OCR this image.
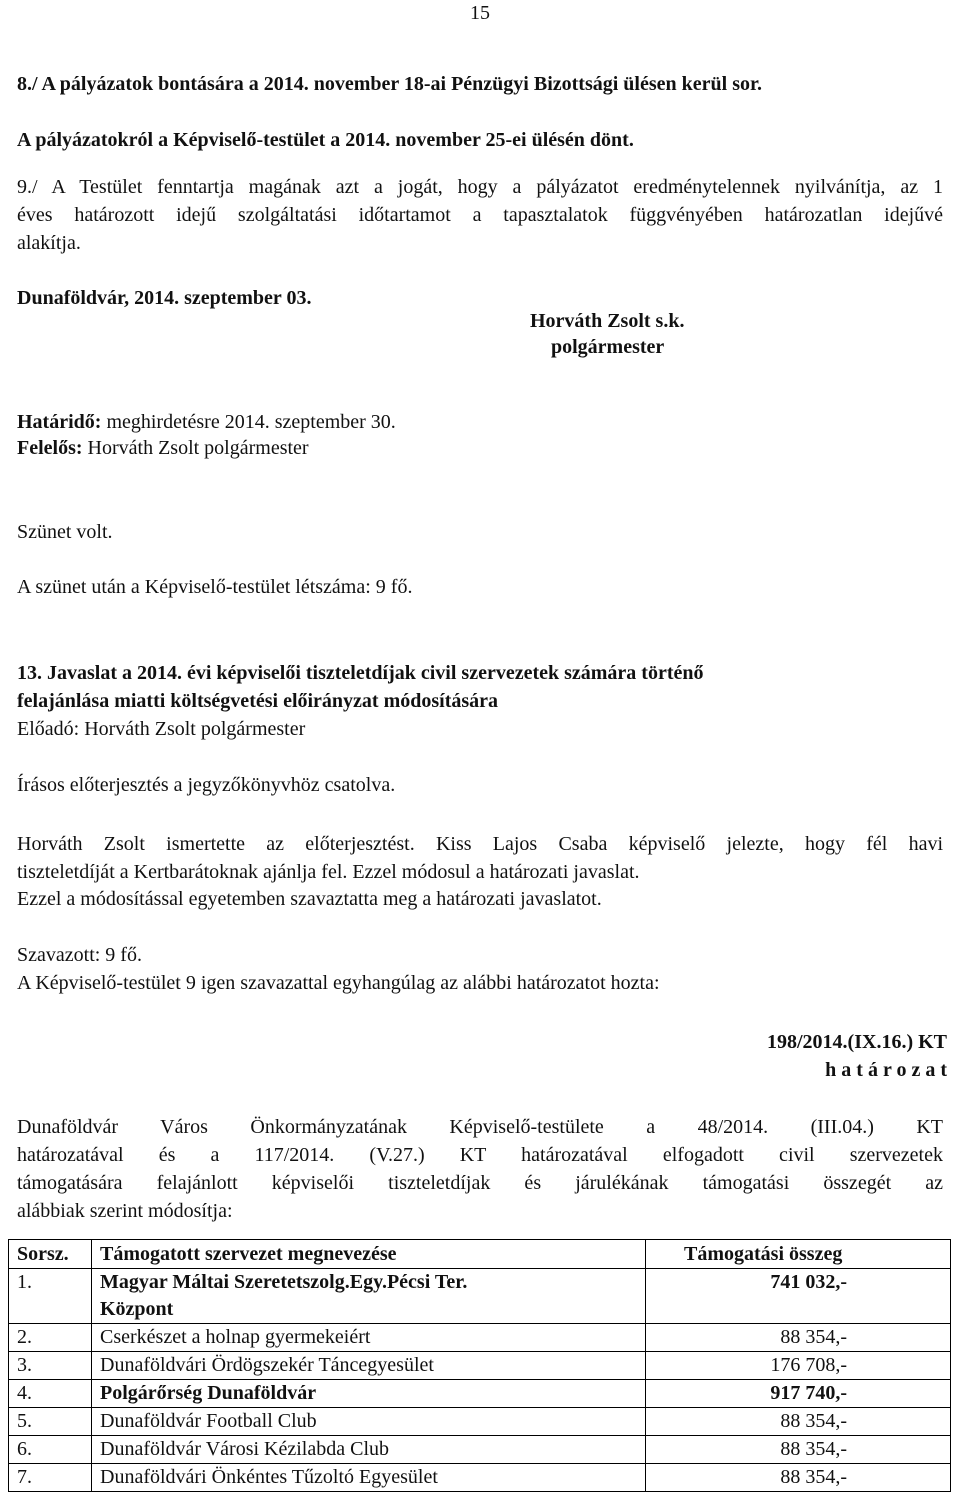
15
8./ A pályázatok bontására a 2014. november 18-ai Pénzügyi Bizottsági ülésen kerül sor.
A pályázatokról a Képviselő-testület a 2014. november 25-ei ülésén dönt.
9./ A Testület fenntartja magának azt a jogát, hogy a pályázatot eredménytelennek nyilvánítja, az 1
éves határozott idejű szolgáltatási időtartamot a tapasztalatok függvényében határozatlan idejűvé
alakítja.
Dunaföldvár, 2014. szeptember 03.
Horváth Zsolt s.k.
polgármester
Határidő: meghirdetésre 2014. szeptember 30.
Felelős: Horváth Zsolt polgármester
Szünet volt.
A szünet után a Képviselő-testület létszáma: 9 fő.
13. Javaslat a 2014. évi képviselői tiszteletdíjak civil szervezetek számára történő
felajánlása miatti költségvetési előirányzat módosítására
Előadó: Horváth Zsolt polgármester
Írásos előterjesztés a jegyzőkönyvhöz csatolva.
Horváth Zsolt ismertette az előterjesztést. Kiss Lajos Csaba képviselő jelezte, hogy fél havi
tiszteletdíját a Kertbarátoknak ajánlja fel. Ezzel módosul a határozati javaslat.
Ezzel a módosítással egyetemben szavaztatta meg a határozati javaslatot.
Szavazott: 9 fő.
A Képviselő-testület 9 igen szavazattal egyhangúlag az alábbi határozatot hozta:
198/2014.(IX.16.) KT
h a t á r o z a t
Dunaföldvár Város Önkormányzatának Képviselő-testülete a 48/2014. (III.04.) KT
határozatával és a 117/2014. (V.27.) KT határozatával elfogadott civil szervezetek
támogatására felajánlott képviselői tiszteletdíjak és járulékának támogatási összegét az
alábbiak szerint módosítja:
Sorsz.	Támogatott szervezet megnevezése	Támogatási összeg
1.	Magyar Máltai Szeretetszolg.Egy.Pécsi Ter.
Központ	741 032,-
2.	Cserkészet a holnap gyermekeiért	88 354,-
3.	Dunaföldvári Ördögszekér Táncegyesület	176 708,-
4.	Polgárőrség Dunaföldvár	917 740,-
5.	Dunaföldvár Football Club	88 354,-
6.	Dunaföldvár Városi Kézilabda Club	88 354,-
7.	Dunaföldvári Önkéntes Tűzoltó Egyesület	88 354,-
